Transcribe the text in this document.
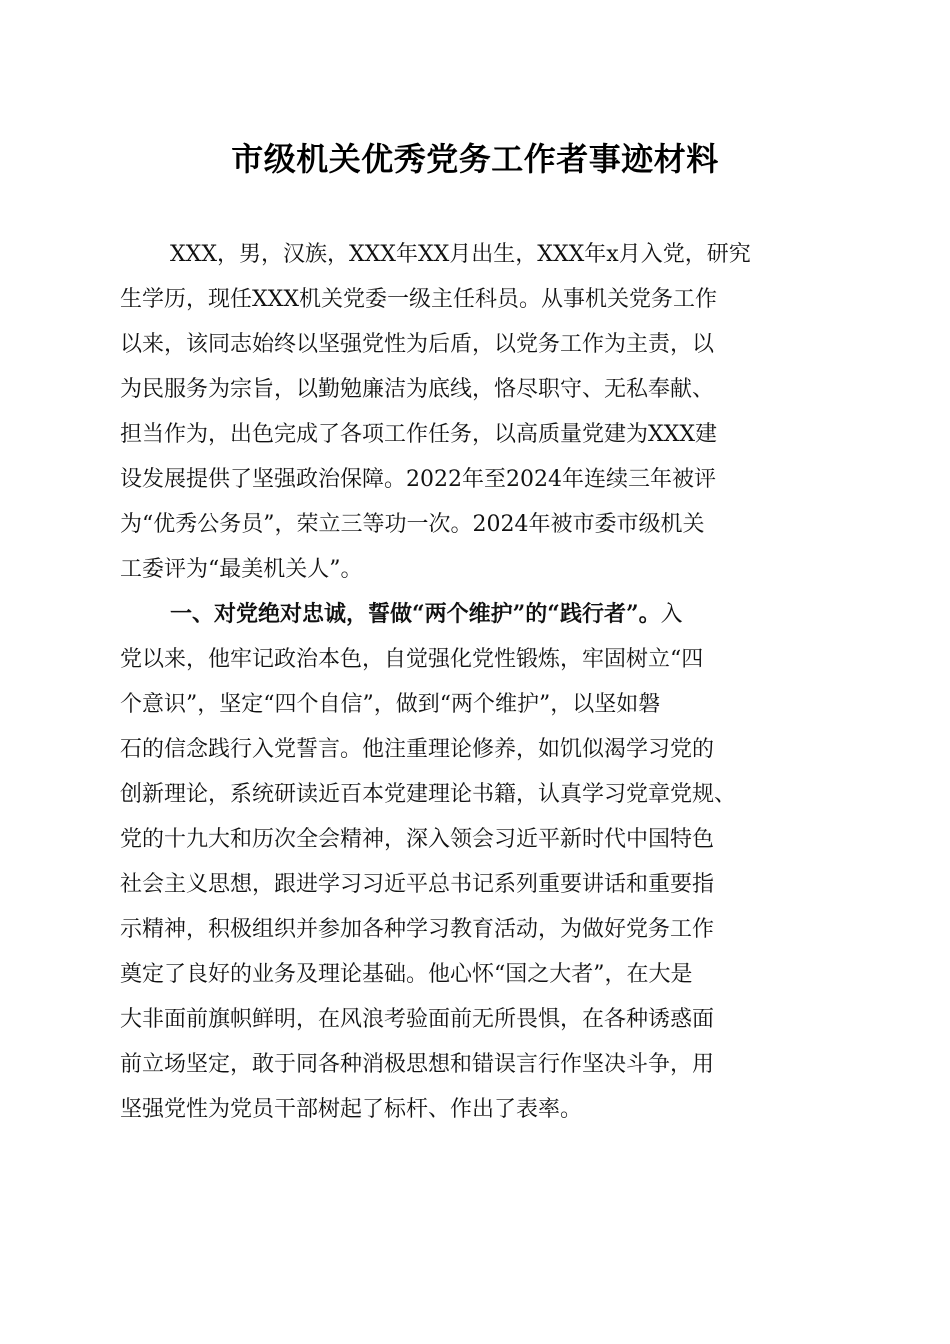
市级机关优秀党务工作者事迹材料
XXX，男，汉族，XXX年XX月出生，XXX年x月入党，研究
生学历，现任XXX机关党委一级主任科员。从事机关党务工作
以来，该同志始终以坚强党性为后盾，以党务工作为主责，以
为民服务为宗旨，以勤勉廉洁为底线，恪尽职守、无私奉献、
担当作为，出色完成了各项工作任务，以高质量党建为XXX建
设发展提供了坚强政治保障。2022年至2024年连续三年被评
为“优秀公务员”，荣立三等功一次。2024年被市委市级机关
工委评为“最美机关人”。
一、对党绝对忠诚，誓做“两个维护”的“践行者”。入
党以来，他牢记政治本色，自觉强化党性锻炼，牢固树立“四
个意识”，坚定“四个自信”，做到“两个维护”，以坚如磐
石的信念践行入党誓言。他注重理论修养，如饥似渴学习党的
创新理论，系统研读近百本党建理论书籍，认真学习党章党规、
党的十九大和历次全会精神，深入领会习近平新时代中国特色
社会主义思想，跟进学习习近平总书记系列重要讲话和重要指
示精神，积极组织并参加各种学习教育活动，为做好党务工作
奠定了良好的业务及理论基础。他心怀“国之大者”，在大是
大非面前旗帜鲜明，在风浪考验面前无所畏惧，在各种诱惑面
前立场坚定，敢于同各种消极思想和错误言行作坚决斗争，用
坚强党性为党员干部树起了标杆、作出了表率。
